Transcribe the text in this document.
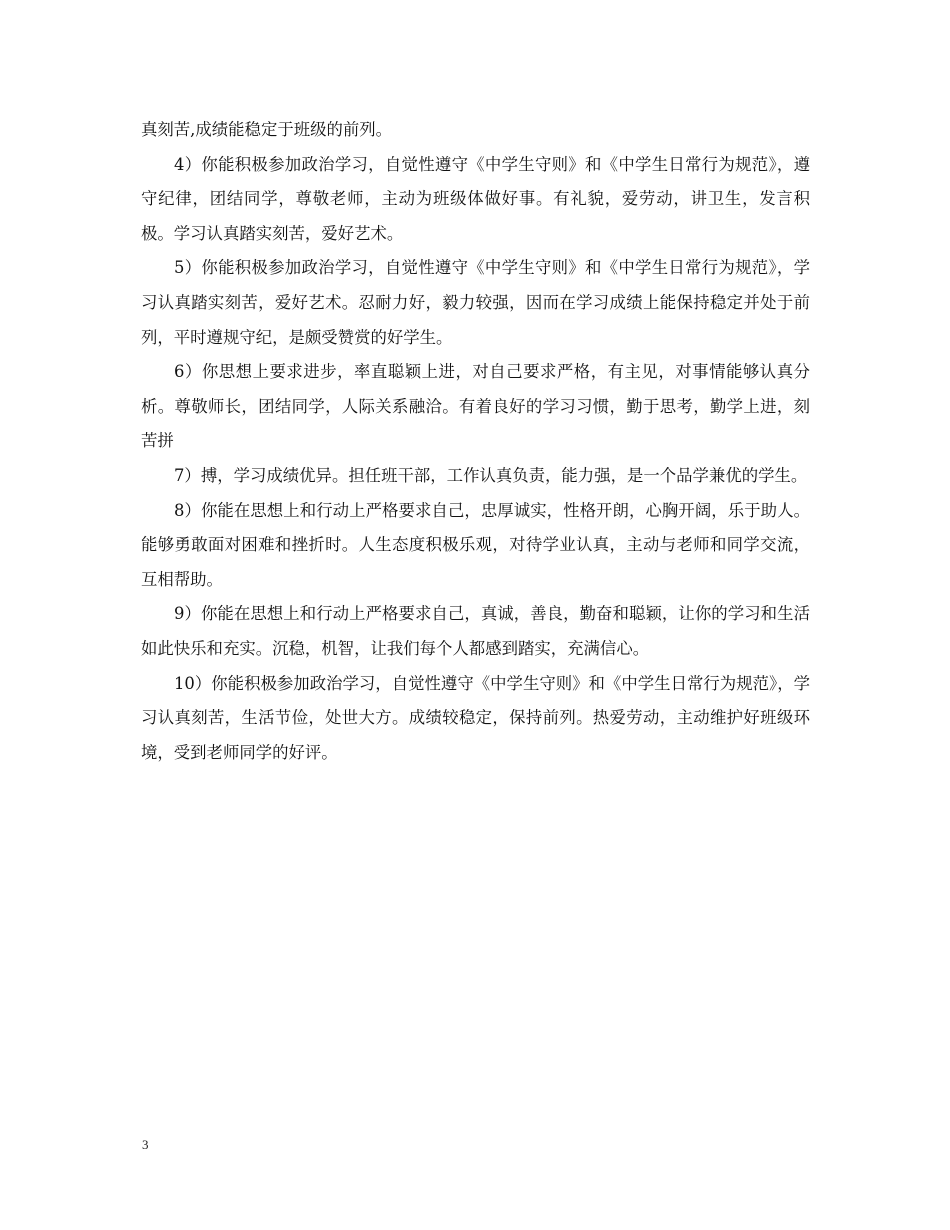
真刻苦,成绩能稳定于班级的前列。

4）你能积极参加政治学习，自觉性遵守《中学生守则》和《中学生日常行为规范》，遵守纪律，团结同学，尊敬老师，主动为班级体做好事。有礼貌，爱劳动，讲卫生，发言积极。学习认真踏实刻苦，爱好艺术。

5）你能积极参加政治学习，自觉性遵守《中学生守则》和《中学生日常行为规范》，学习认真踏实刻苦，爱好艺术。忍耐力好，毅力较强，因而在学习成绩上能保持稳定并处于前列，平时遵规守纪，是颇受赞赏的好学生。

6）你思想上要求进步，率直聪颖上进，对自己要求严格，有主见，对事情能够认真分析。尊敬师长，团结同学，人际关系融洽。有着良好的学习习惯，勤于思考，勤学上进，刻苦拼

7）搏，学习成绩优异。担任班干部，工作认真负责，能力强，是一个品学兼优的学生。

8）你能在思想上和行动上严格要求自己，忠厚诚实，性格开朗，心胸开阔，乐于助人。能够勇敢面对困难和挫折时。人生态度积极乐观，对待学业认真，主动与老师和同学交流，互相帮助。

9）你能在思想上和行动上严格要求自己，真诚，善良，勤奋和聪颖，让你的学习和生活如此快乐和充实。沉稳，机智，让我们每个人都感到踏实，充满信心。

10）你能积极参加政治学习，自觉性遵守《中学生守则》和《中学生日常行为规范》，学习认真刻苦，生活节俭，处世大方。成绩较稳定，保持前列。热爱劳动，主动维护好班级环境，受到老师同学的好评。

3
